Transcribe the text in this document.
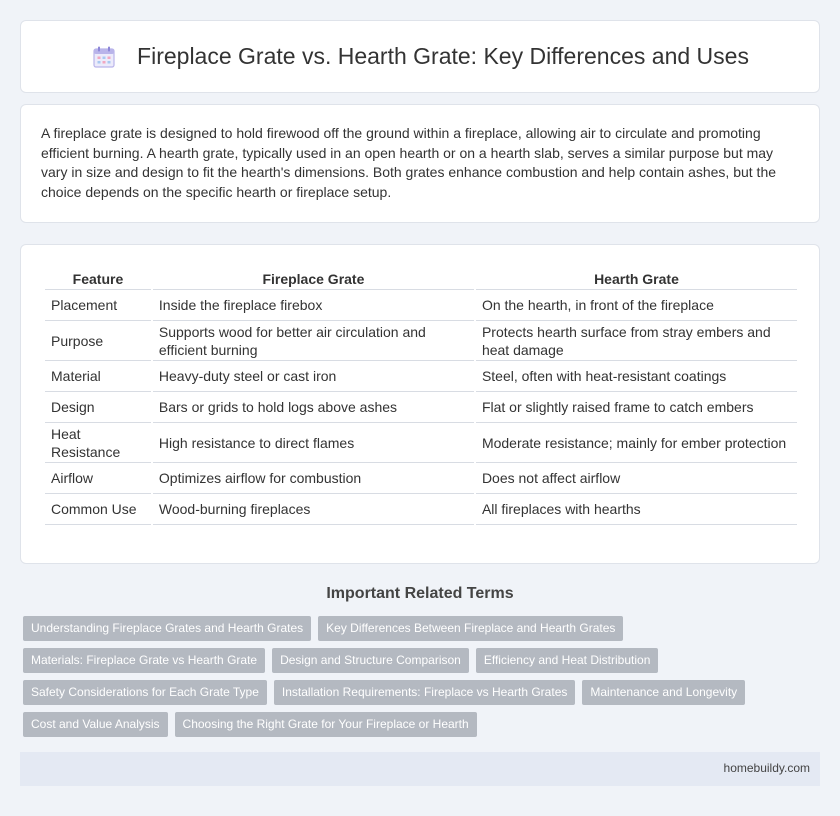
Fireplace Grate vs. Hearth Grate: Key Differences and Uses

A fireplace grate is designed to hold firewood off the ground within a fireplace, allowing air to circulate and promoting efficient burning. A hearth grate, typically used in an open hearth or on a hearth slab, serves a similar purpose but may vary in size and design to fit the hearth's dimensions. Both grates enhance combustion and help contain ashes, but the choice depends on the specific hearth or fireplace setup.

Feature	Fireplace Grate	Hearth Grate
Placement	Inside the fireplace firebox	On the hearth, in front of the fireplace
Purpose	Supports wood for better air circulation and efficient burning	Protects hearth surface from stray embers and heat damage
Material	Heavy-duty steel or cast iron	Steel, often with heat-resistant coatings
Design	Bars or grids to hold logs above ashes	Flat or slightly raised frame to catch embers
Heat Resistance	High resistance to direct flames	Moderate resistance; mainly for ember protection
Airflow	Optimizes airflow for combustion	Does not affect airflow
Common Use	Wood-burning fireplaces	All fireplaces with hearths
Important Related Terms
Understanding Fireplace Grates and Hearth Grates	Key Differences Between Fireplace and Hearth Grates
Materials: Fireplace Grate vs Hearth Grate	Design and Structure Comparison	Efficiency and Heat Distribution
Safety Considerations for Each Grate Type	Installation Requirements: Fireplace vs Hearth Grates	Maintenance and Longevity
Cost and Value Analysis	Choosing the Right Grate for Your Fireplace or Hearth
homebuildy.com
